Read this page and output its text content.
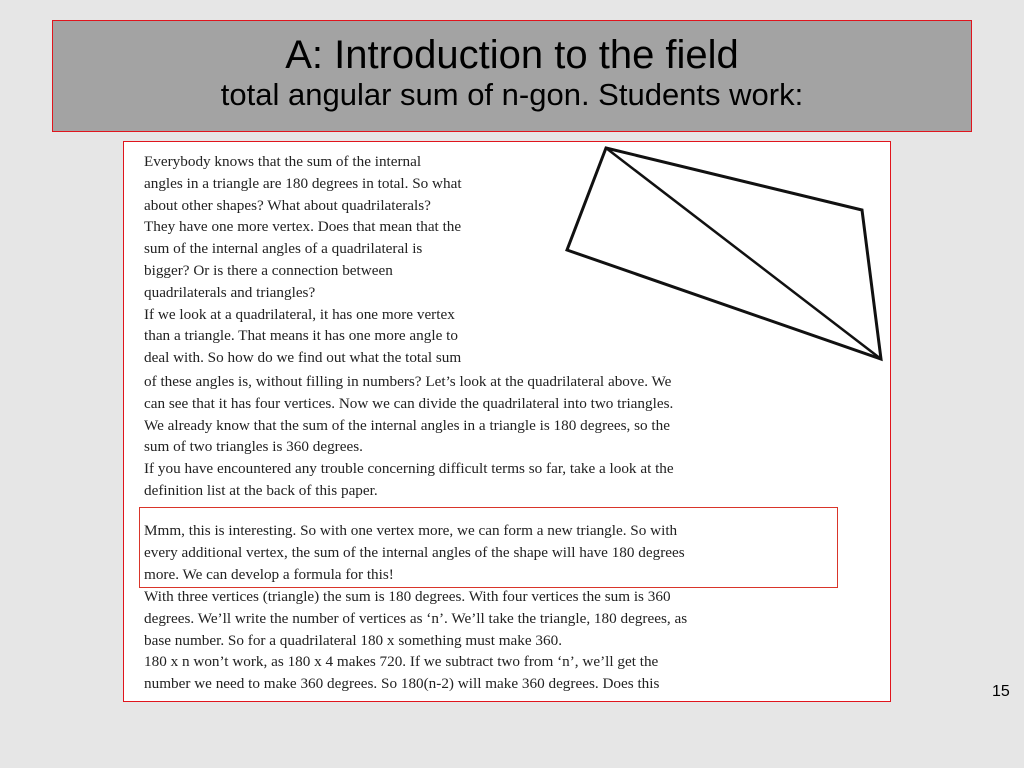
A: Introduction to the field
total angular sum of n-gon. Students work:
Everybody knows that the sum of the internal
angles in a triangle are 180 degrees in total. So what
about other shapes? What about quadrilaterals?
They have one more vertex. Does that mean that the
sum of the internal angles of a quadrilateral is
bigger? Or is there a connection between
quadrilaterals and triangles?
If we look at a quadrilateral, it has one more vertex
than a triangle. That means it has one more angle to
deal with. So how do we find out what the total sum
of these angles is, without filling in numbers? Let’s look at the quadrilateral above. We
can see that it has four vertices. Now we can divide the quadrilateral into two triangles.
We already know that the sum of the internal angles in a triangle is 180 degrees, so the
sum of two triangles is 360 degrees.
If you have encountered any trouble concerning difficult terms so far, take a look at the
definition list at the back of this paper.
Mmm, this is interesting. So with one vertex more, we can form a new triangle. So with
every additional vertex, the sum of the internal angles of the shape will have 180 degrees
more. We can develop a formula for this!
With three vertices (triangle) the sum is 180 degrees. With four vertices the sum is 360
degrees. We’ll write the number of vertices as ‘n’. We’ll take the triangle, 180 degrees, as
base number. So for a quadrilateral 180 x something must make 360.
180 x n won’t work, as 180 x 4 makes 720. If we subtract two from ‘n’, we’ll get the
number we need to make 360 degrees. So 180(n-2) will make 360 degrees. Does this	15
